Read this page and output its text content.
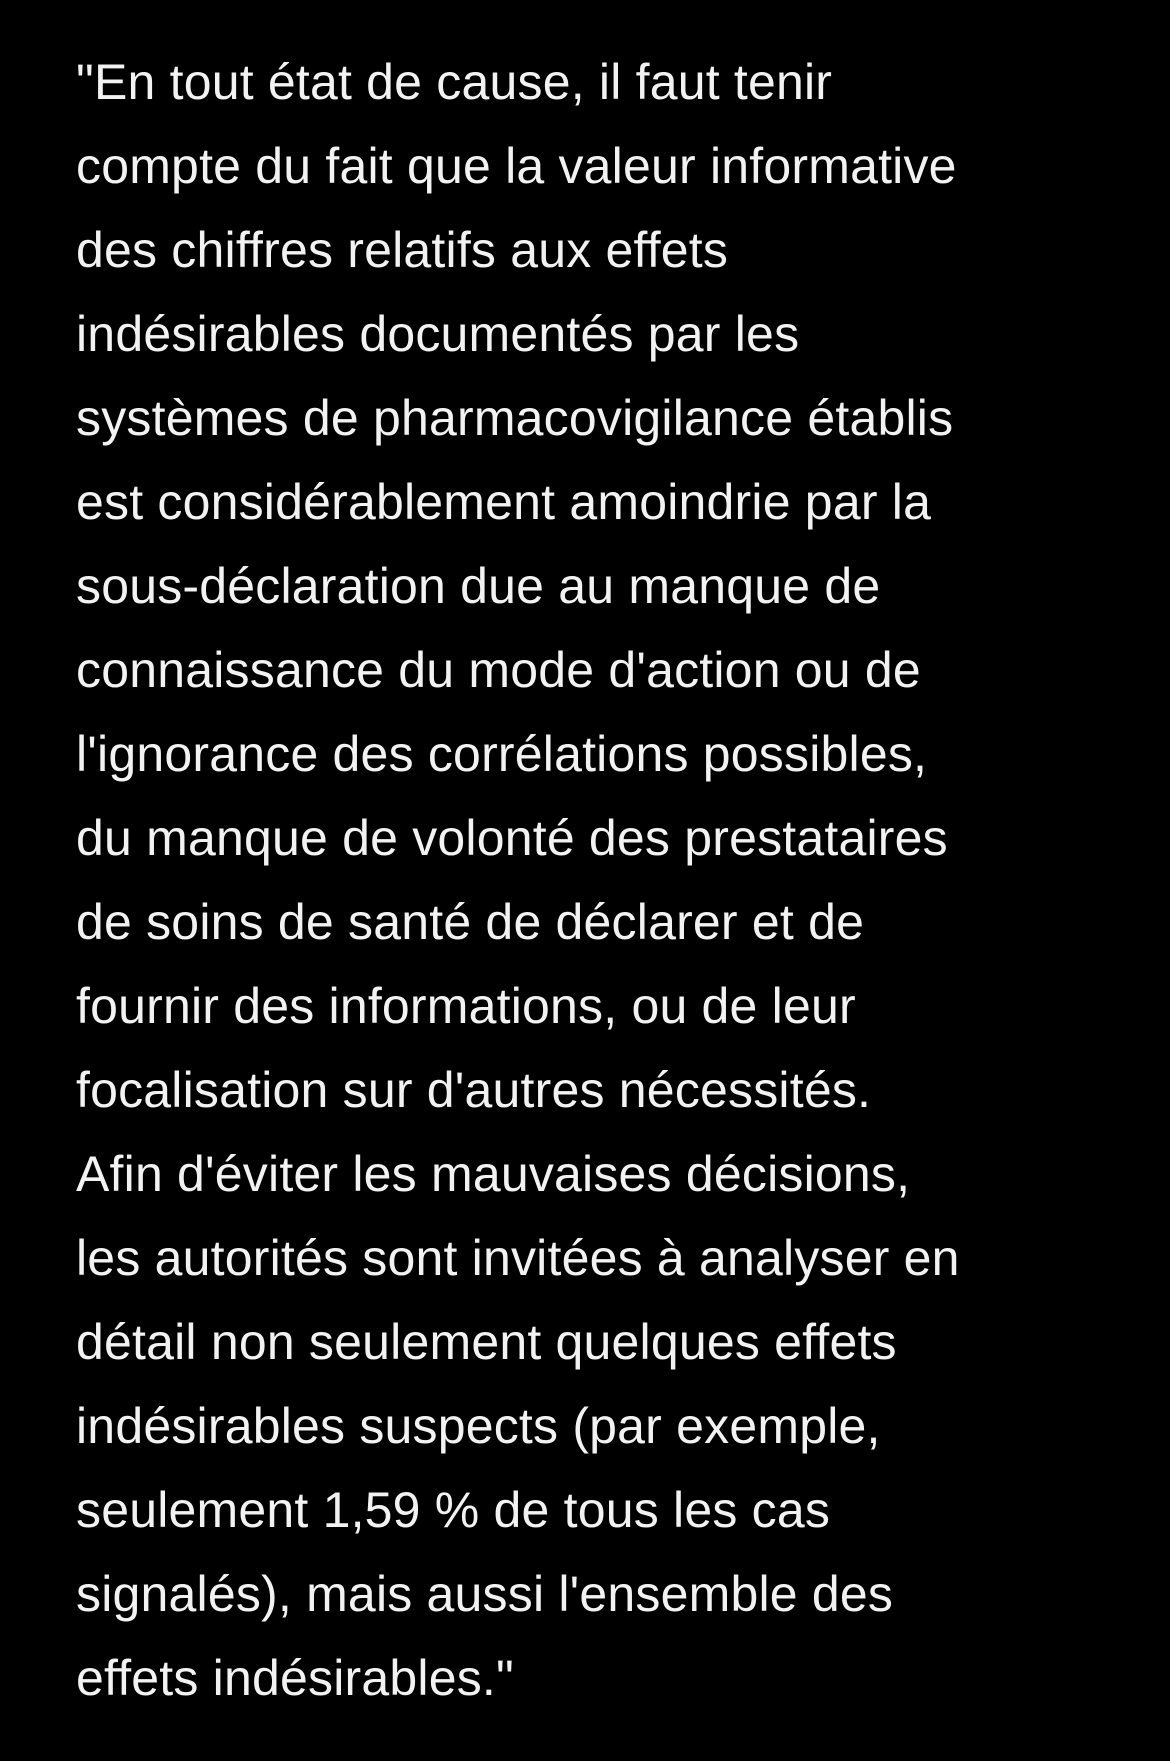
"En tout état de cause, il faut tenir
compte du fait que la valeur informative
des chiffres relatifs aux effets
indésirables documentés par les
systèmes de pharmacovigilance établis
est considérablement amoindrie par la
sous-déclaration due au manque de
connaissance du mode d'action ou de
l'ignorance des corrélations possibles,
du manque de volonté des prestataires
de soins de santé de déclarer et de
fournir des informations, ou de leur
focalisation sur d'autres nécessités.
Afin d'éviter les mauvaises décisions,
les autorités sont invitées à analyser en
détail non seulement quelques effets
indésirables suspects (par exemple,
seulement 1,59 % de tous les cas
signalés), mais aussi l'ensemble des
effets indésirables."
